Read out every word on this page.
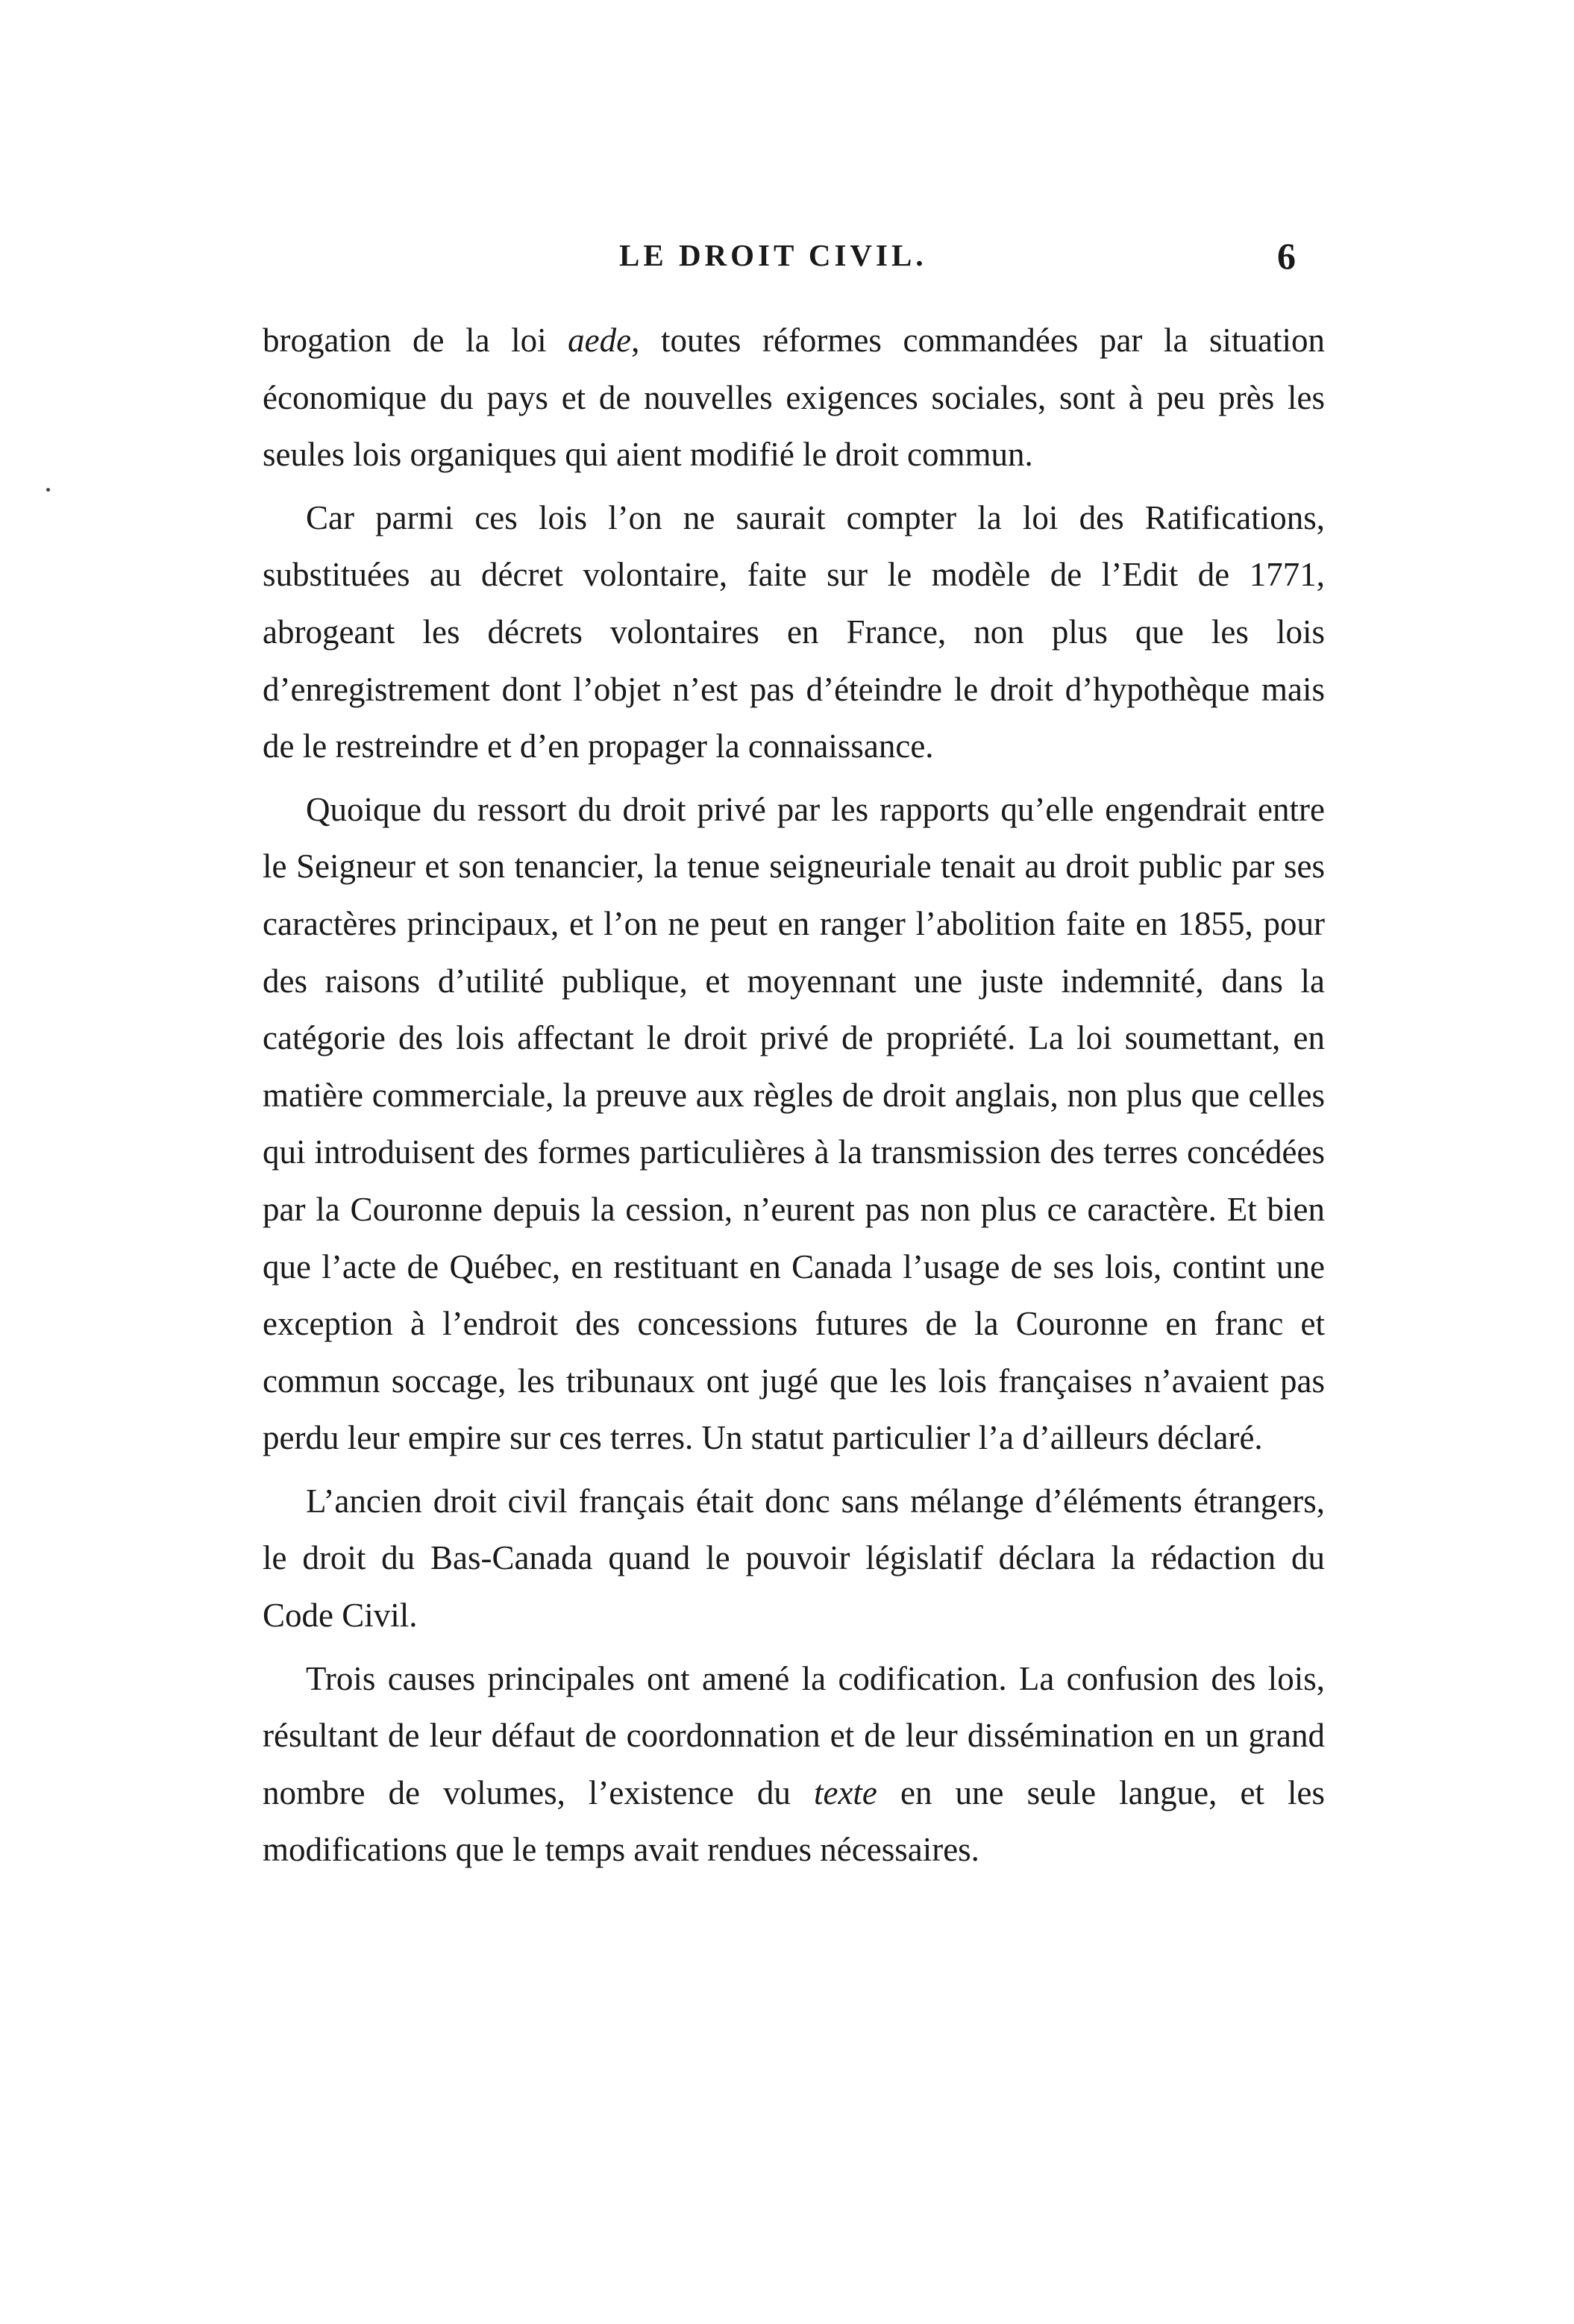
LE DROIT CIVIL.	6

brogation de la loi aede, toutes réformes commandées par la situation économique du pays et de nouvelles exigences sociales, sont à peu près les seules lois organiques qui aient modifié le droit commun.

Car parmi ces lois l’on ne saurait compter la loi des Ratifications, substituées au décret volontaire, faite sur le modèle de l’Edit de 1771, abrogeant les décrets volontaires en France, non plus que les lois d’enregistrement dont l’objet n’est pas d’éteindre le droit d’hypothèque mais de le restreindre et d’en propager la connaissance.

Quoique du ressort du droit privé par les rapports qu’elle engendrait entre le Seigneur et son tenancier, la tenue seigneuriale tenait au droit public par ses caractères principaux, et l’on ne peut en ranger l’abolition faite en 1855, pour des raisons d’utilité publique, et moyennant une juste indemnité, dans la catégorie des lois affectant le droit privé de propriété. La loi soumettant, en matière commerciale, la preuve aux règles de droit anglais, non plus que celles qui introduisent des formes particulières à la transmission des terres concédées par la Couronne depuis la cession, n’eurent pas non plus ce caractère. Et bien que l’acte de Québec, en restituant en Canada l’usage de ses lois, contint une exception à l’endroit des concessions futures de la Couronne en franc et commun soccage, les tribunaux ont jugé que les lois françaises n’avaient pas perdu leur empire sur ces terres. Un statut particulier l’a d’ailleurs déclaré.

L’ancien droit civil français était donc sans mélange d’éléments étrangers, le droit du Bas-Canada quand le pouvoir législatif déclara la rédaction du Code Civil.

Trois causes principales ont amené la codification. La confusion des lois, résultant de leur défaut de coordonnation et de leur dissémination en un grand nombre de volumes, l’existence du texte en une seule langue, et les modifications que le temps avait rendues nécessaires.
